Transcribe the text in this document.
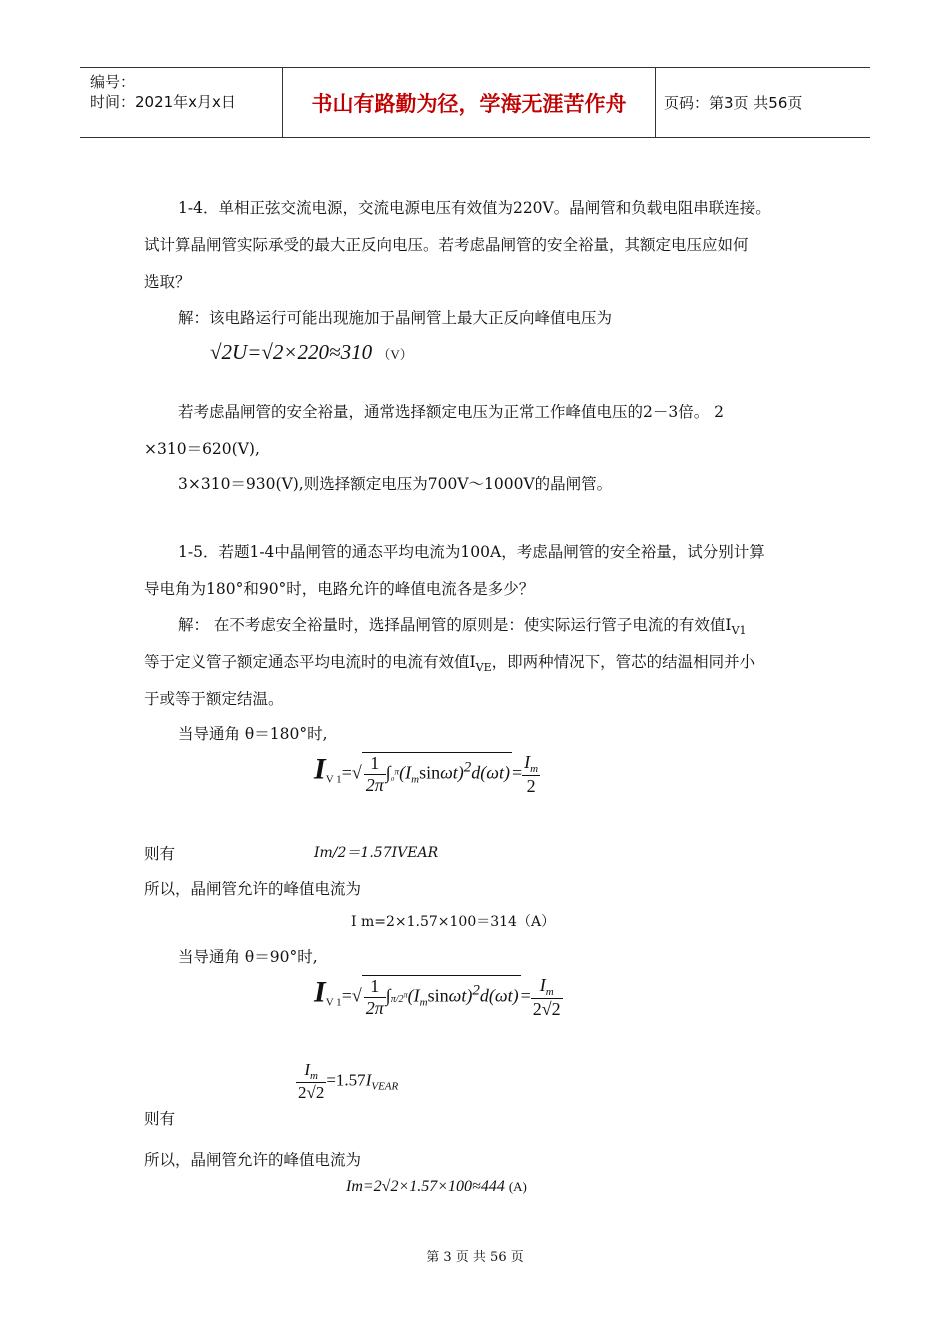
编号：
时间：2021年x月x日	书山有路勤为径，学海无涯苦作舟	页码：第3页 共56页
1-4．单相正弦交流电源，交流电源电压有效值为220V。晶闸管和负载电阻串联连接。
试计算晶闸管实际承受的最大正反向电压。若考虑晶闸管的安全裕量，其额定电压应如何
选取？
解：该电路运行可能出现施加于晶闸管上最大正反向峰值电压为
√2U=√2×220≈310 （V）
若考虑晶闸管的安全裕量，通常选择额定电压为正常工作峰值电压的2－3倍。 2
×310＝620(V),
3×310＝930(V),则选择额定电压为700V～1000V的晶闸管。
1-5．若题1-4中晶闸管的通态平均电流为100A，考虑晶闸管的安全裕量，试分别计算
导电角为180°和90°时，电路允许的峰值电流各是多少？
解： 在不考虑安全裕量时，选择晶闸管的原则是：使实际运行管子电流的有效值$I_{V1}$
等于定义管子额定通态平均电流时的电流有效值$I_{VE}$，即两种情况下，管芯的结温相同并小
于或等于额定结温。
当导通角 θ＝180°时,
$I_{V 1}=√ \frac{1}{2\pi} \int_0^\pi(I_m\sin\omega t)^2d(\omega t) = \frac{I_m}{2}$
则有	Im/2＝1.57IVEAR
所以，晶闸管允许的峰值电流为
I m=2×1.57×100＝314（A）
当导通角 θ＝90°时,
$I_{V 1}=√ \frac{1}{2\pi} \int\pi/2^\pi(I_m\sin\omega t)^2d(\omega t) = \frac{I_m}{2√2}$
$\frac{I_m}{2√2} =1.57I_{VEAR}$
则有
所以，晶闸管允许的峰值电流为
Im=2√2×1.57×100≈444 (A)
第 3 页 共 56 页
